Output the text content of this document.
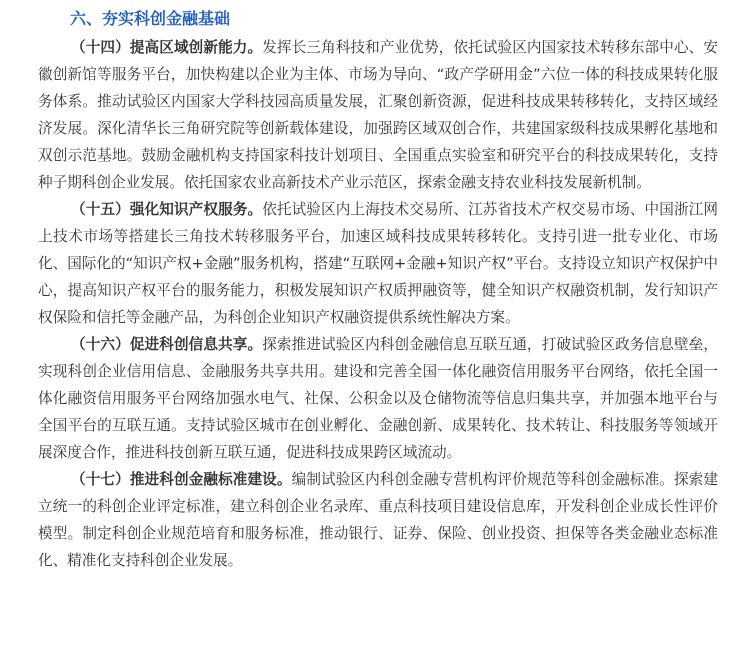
六、夯实科创金融基础

（十四）提高区域创新能力。发挥长三角科技和产业优势，依托试验区内国家技术转移东部中心、安徽创新馆等服务平台，加快构建以企业为主体、市场为导向、“政产学研用金”六位一体的科技成果转化服务体系。推动试验区内国家大学科技园高质量发展，汇聚创新资源，促进科技成果转移转化，支持区域经济发展。深化清华长三角研究院等创新载体建设，加强跨区域双创合作，共建国家级科技成果孵化基地和双创示范基地。鼓励金融机构支持国家科技计划项目、全国重点实验室和研究平台的科技成果转化，支持种子期科创企业发展。依托国家农业高新技术产业示范区，探索金融支持农业科技发展新机制。

（十五）强化知识产权服务。依托试验区内上海技术交易所、江苏省技术产权交易市场、中国浙江网上技术市场等搭建长三角技术转移服务平台，加速区域科技成果转移转化。支持引进一批专业化、市场化、国际化的“知识产权+金融”服务机构，搭建“互联网+金融+知识产权”平台。支持设立知识产权保护中心，提高知识产权平台的服务能力，积极发展知识产权质押融资等，健全知识产权融资机制，发行知识产权保险和信托等金融产品，为科创企业知识产权融资提供系统性解决方案。

（十六）促进科创信息共享。探索推进试验区内科创金融信息互联互通，打破试验区政务信息壁垒，实现科创企业信用信息、金融服务共享共用。建设和完善全国一体化融资信用服务平台网络，依托全国一体化融资信用服务平台网络加强水电气、社保、公积金以及仓储物流等信息归集共享，并加强本地平台与全国平台的互联互通。支持试验区城市在创业孵化、金融创新、成果转化、技术转让、科技服务等领域开展深度合作，推进科技创新互联互通，促进科技成果跨区域流动。

（十七）推进科创金融标准建设。编制试验区内科创金融专营机构评价规范等科创金融标准。探索建立统一的科创企业评定标准，建立科创企业名录库、重点科技项目建设信息库，开发科创企业成长性评价模型。制定科创企业规范培育和服务标准，推动银行、证券、保险、创业投资、担保等各类金融业态标准化、精准化支持科创企业发展。
